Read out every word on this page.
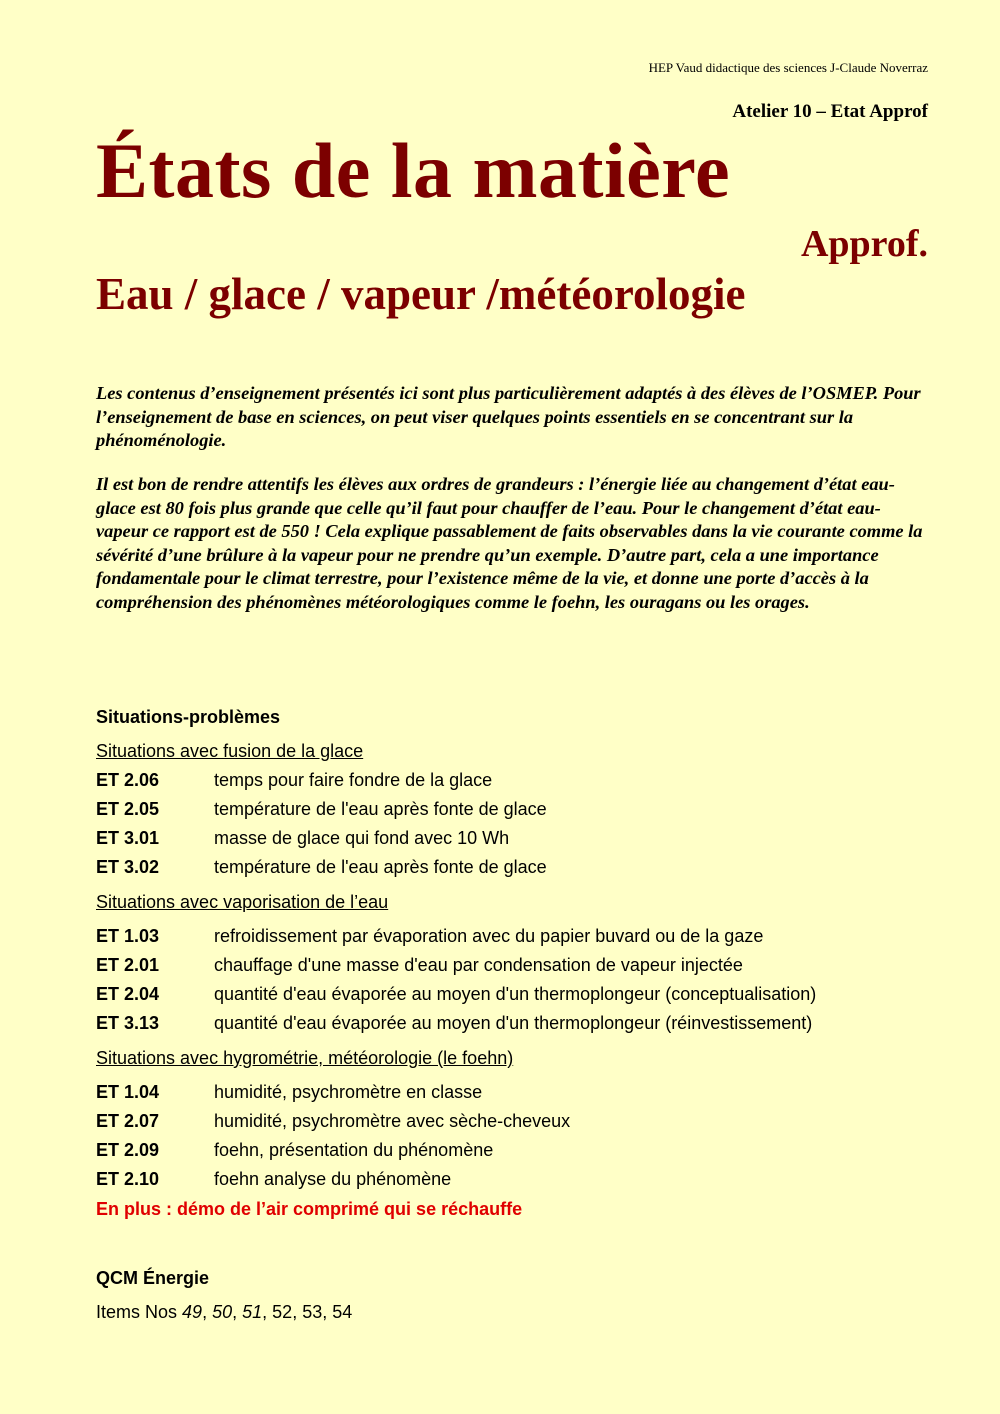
HEP Vaud didactique des sciences J-Claude Noverraz
Atelier 10 – Etat Approf
États de la matière
Approf.
Eau / glace / vapeur /météorologie
Les contenus d’enseignement présentés ici sont plus particulièrement adaptés à des élèves de l’OSMEP. Pour l’enseignement de base en sciences, on peut viser quelques points essentiels en se concentrant sur la phénoménologie.
Il est bon de rendre attentifs les élèves aux ordres de grandeurs : l’énergie liée au changement d’état eau-glace est 80 fois plus grande que celle qu’il faut pour chauffer de l’eau. Pour le changement d’état eau-vapeur ce rapport est de 550 ! Cela explique passablement de faits observables dans la vie courante comme la sévérité d’une brûlure à la vapeur pour ne prendre qu’un exemple. D’autre part, cela a une importance fondamentale pour le climat terrestre, pour l’existence même de la vie, et donne une porte d’accès à la compréhension des phénomènes météorologiques comme le foehn, les ouragans ou les orages.
Situations-problèmes
Situations avec fusion de la glace
ET 2.06	temps pour faire fondre de la glace
ET 2.05	température de l'eau après fonte de glace
ET 3.01	masse de glace qui fond avec 10 Wh
ET 3.02	température de l'eau après fonte de glace
Situations avec vaporisation de l’eau
ET 1.03	refroidissement par évaporation avec du papier buvard ou de la gaze
ET 2.01	chauffage d'une masse d'eau par condensation de vapeur injectée
ET 2.04	quantité d'eau évaporée au moyen d'un thermoplongeur (conceptualisation)
ET 3.13	quantité d'eau évaporée au moyen d'un thermoplongeur (réinvestissement)
Situations avec hygrométrie, météorologie (le foehn)
ET 1.04	humidité, psychromètre en classe
ET 2.07	humidité, psychromètre avec sèche-cheveux
ET 2.09	foehn, présentation du phénomène
ET 2.10	foehn analyse du phénomène
En plus : démo de l’air comprimé qui se réchauffe
QCM Énergie
Items Nos 49, 50, 51, 52, 53, 54
